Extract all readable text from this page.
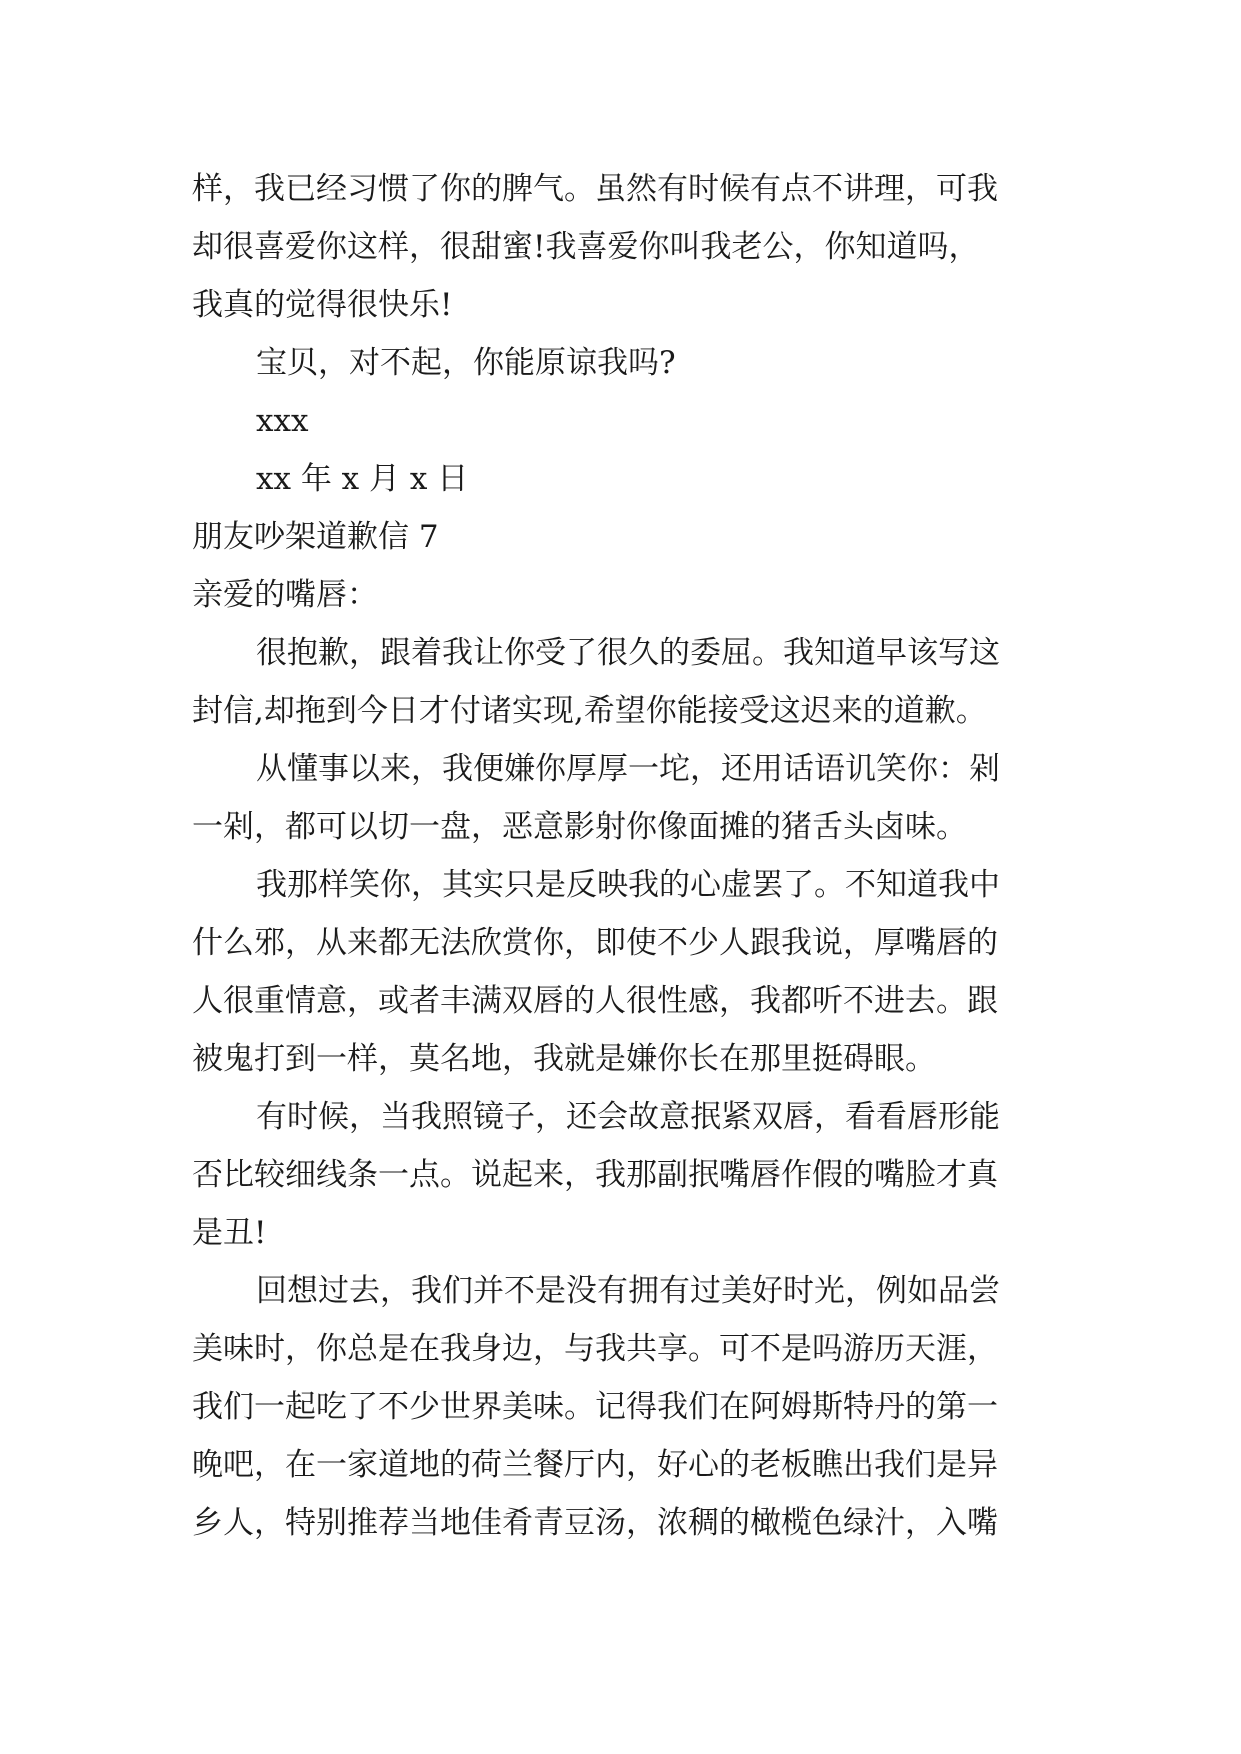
样，我已经习惯了你的脾气。虽然有时候有点不讲理，可我
却很喜爱你这样，很甜蜜!我喜爱你叫我老公，你知道吗，
我真的觉得很快乐!
宝贝，对不起，你能原谅我吗?
xxx
xx 年 x 月 x 日
朋友吵架道歉信 7
亲爱的嘴唇：
很抱歉，跟着我让你受了很久的委屈。我知道早该写这
封信,却拖到今日才付诸实现,希望你能接受这迟来的道歉。
从懂事以来，我便嫌你厚厚一坨，还用话语讥笑你：剁
一剁，都可以切一盘，恶意影射你像面摊的猪舌头卤味。
我那样笑你，其实只是反映我的心虚罢了。不知道我中
什么邪，从来都无法欣赏你，即使不少人跟我说，厚嘴唇的
人很重情意，或者丰满双唇的人很性感，我都听不进去。跟
被鬼打到一样，莫名地，我就是嫌你长在那里挺碍眼。
有时候，当我照镜子，还会故意抿紧双唇，看看唇形能
否比较细线条一点。说起来，我那副抿嘴唇作假的嘴脸才真
是丑!
回想过去，我们并不是没有拥有过美好时光，例如品尝
美味时，你总是在我身边，与我共享。可不是吗游历天涯，
我们一起吃了不少世界美味。记得我们在阿姆斯特丹的第一
晚吧，在一家道地的荷兰餐厅内，好心的老板瞧出我们是异
乡人，特别推荐当地佳肴青豆汤，浓稠的橄榄色绿汁，入嘴
